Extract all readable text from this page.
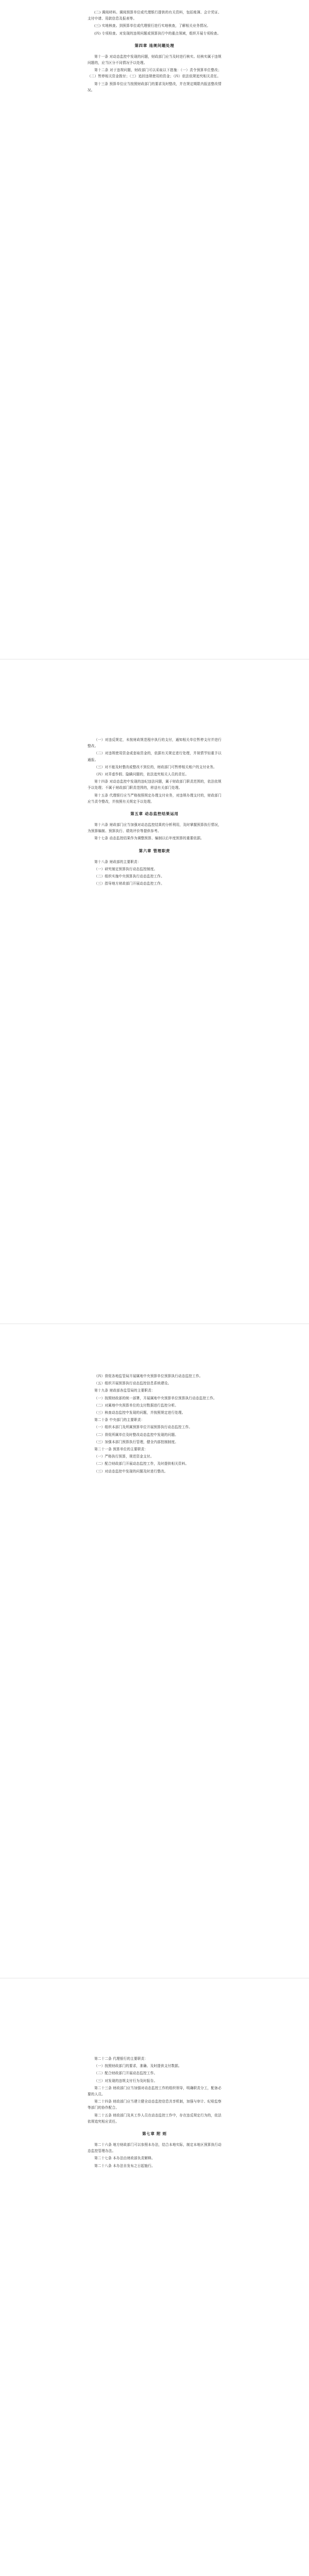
(二) 调阅材料。调阅预算单位或代理银行提供的有关资料，包括账簿、会计凭证、支付申请、用款信息及报表等。

(三) 实地核查。到预算单位或代理银行进行实地核查，了解相关业务情况。

(四) 专项检查。对发现的违规问题或预算执行中的重点领域，组织开展专项检查。

第四章 违规问题处理

第十一条 对动态监控中发现的问题，财政部门应当及时进行核实。经核实属于违规问题的，应当区分不同情况予以处理。

第十二条 对于违规问题，财政部门可以采取以下措施：（一）责令预算单位整改；（二）暂停相关资金拨付；（三）追回违规使用的资金；（四）依法依规追究相关责任。

第十三条 预算单位应当按照财政部门的要求及时整改，并在规定期限内报送整改情况。

（一）对违反规定，未按财政规范程序执行的支付，通知相关单位暂停支付并进行整改。

（二）对违规使用资金或套取资金的，依据有关规定进行处理，并视情节轻重予以通报。

（三）对不能及时整改或整改不到位的，财政部门可暂停相关账户的支付业务。

（四）对弄虚作假、隐瞒问题的，依法追究相关人员的责任。

第十四条 对动态监控中发现的违纪违法问题，属于财政部门职责范围的，依法依规予以处理；不属于财政部门职责范围的，移送有关部门处理。

第十五条 代理银行应当严格按照规定办理支付业务，对违规办理支付的，财政部门应当责令整改，并按照有关规定予以处理。

第五章 动态监控结果运用

第十六条 财政部门应当加强对动态监控结果的分析利用，及时掌握预算执行情况，为预算编制、预算执行、绩效评价等提供参考。

第十七条 动态监控结果作为调整预算、编制以后年度预算的重要依据。

第六章 管理职责

第十八条 财政部的主要职责：

（一）研究制定预算执行动态监控制度。

（二）组织实施中央预算执行动态监控工作。

（三）指导地方财政部门开展动态监控工作。

（四）督促各地监管局开展属地中央预算单位预算执行动态监控工作。

（五）组织开展预算执行动态监控信息系统建设。

第十九条 财政部各监管局的主要职责：

（一）按照财政部的统一部署，开展属地中央预算单位预算执行动态监控工作。

（二）对属地中央预算单位的支付数据进行监控分析。

（三）核查动态监控中发现的问题，并按照规定进行处理。

第二十条 中央部门的主要职责：

（一）组织本部门及所属预算单位开展预算执行动态监控工作。

（二）督促所属单位及时整改动态监控中发现的问题。

（三）加强本部门预算执行管理，健全内部控制制度。

第二十一条 预算单位的主要职责：

（一）严格执行预算，规范资金支付。

（二）配合财政部门开展动态监控工作，及时提供相关资料。

（三）对动态监控中发现的问题及时进行整改。

第二十二条 代理银行的主要职责：

（一）按照财政部门的要求，准确、及时提供支付数据。

（二）配合财政部门开展动态监控工作。

（三）对发现的违规支付行为及时报告。

第二十三条 财政部门应当加强对动态监控工作的组织领导，明确职责分工，配备必要的人员。

第二十四条 财政部门应当建立健全动态监控信息共享机制，加强与审计、纪检监察等部门的协作配合。

第二十五条 财政部门及其工作人员在动态监控工作中，存在违反规定行为的，依法依规追究相应责任。

第七章 附 则

第二十六条 地方财政部门可以参照本办法，结合本地实际，制定本地区预算执行动态监控管理办法。

第二十七条 本办法由财政部负责解释。

第二十八条 本办法自发布之日起施行。
